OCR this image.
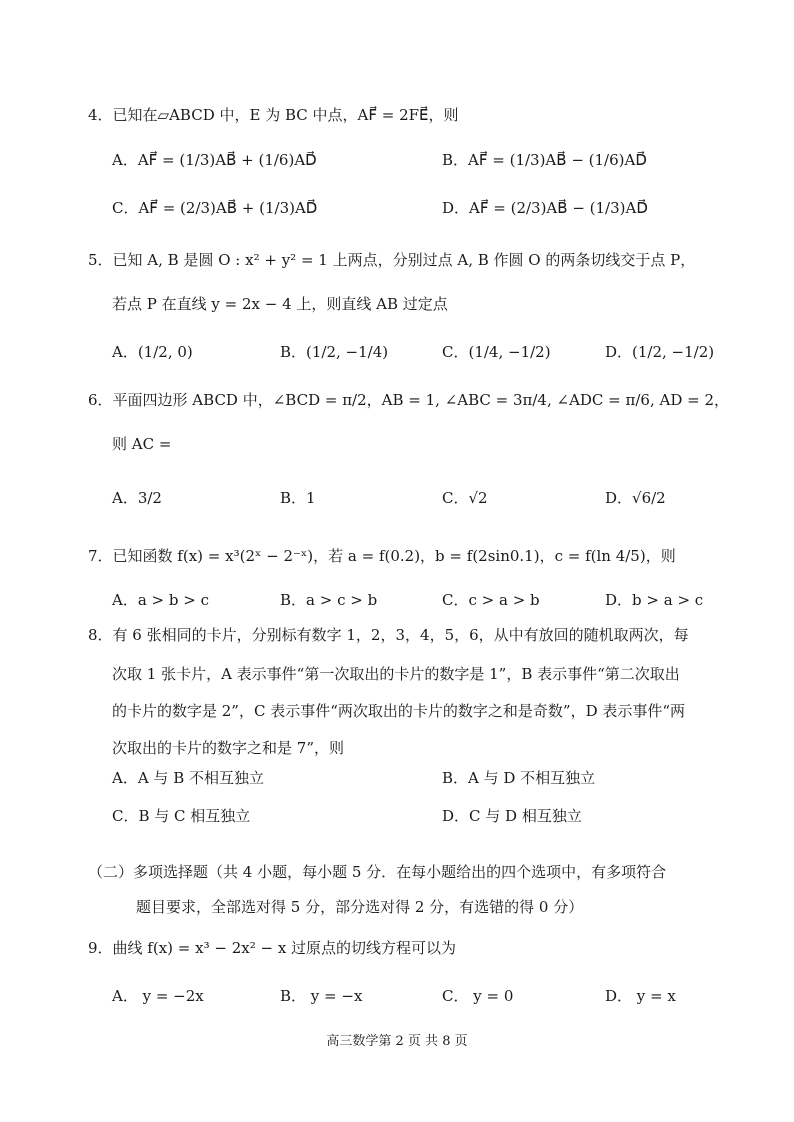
4．已知在▱ABCD 中，E 为 BC 中点，AF⃗ = 2FE⃗，则
A．AF⃗ = (1/3)AB⃗ + (1/6)AD⃗	B．AF⃗ = (1/3)AB⃗ − (1/6)AD⃗
C．AF⃗ = (2/3)AB⃗ + (1/3)AD⃗	D．AF⃗ = (2/3)AB⃗ − (1/3)AD⃗
5．已知 A, B 是圆 O : x² + y² = 1 上两点，分别过点 A, B 作圆 O 的两条切线交于点 P，
若点 P 在直线 y = 2x − 4 上，则直线 AB 过定点
A．(1/2, 0)	B．(1/2, −1/4)	C．(1/4, −1/2)	D．(1/2, −1/2)
6．平面四边形 ABCD 中，∠BCD = π/2，AB = 1, ∠ABC = 3π/4, ∠ADC = π/6, AD = 2，
则 AC =
A．3/2	B．1	C．√2	D．√6/2
7．已知函数 f(x) = x³(2ˣ − 2⁻ˣ)，若 a = f(0.2)，b = f(2sin0.1)，c = f(ln 4/5)，则
A．a > b > c	B．a > c > b	C．c > a > b	D．b > a > c
8．有 6 张相同的卡片，分别标有数字 1，2，3，4，5，6，从中有放回的随机取两次，每
次取 1 张卡片，A 表示事件“第一次取出的卡片的数字是 1”，B 表示事件“第二次取出
的卡片的数字是 2”，C 表示事件“两次取出的卡片的数字之和是奇数”，D 表示事件“两
次取出的卡片的数字之和是 7”，则
A．A 与 B 不相互独立	B．A 与 D 不相互独立
C．B 与 C 相互独立	D．C 与 D 相互独立
（二）多项选择题（共 4 小题，每小题 5 分．在每小题给出的四个选项中，有多项符合
题目要求，全部选对得 5 分，部分选对得 2 分，有选错的得 0 分）
9．曲线 f(x) = x³ − 2x² − x 过原点的切线方程可以为
A． y = −2x	B． y = −x	C． y = 0	D． y = x
高三数学第 2 页 共 8 页
